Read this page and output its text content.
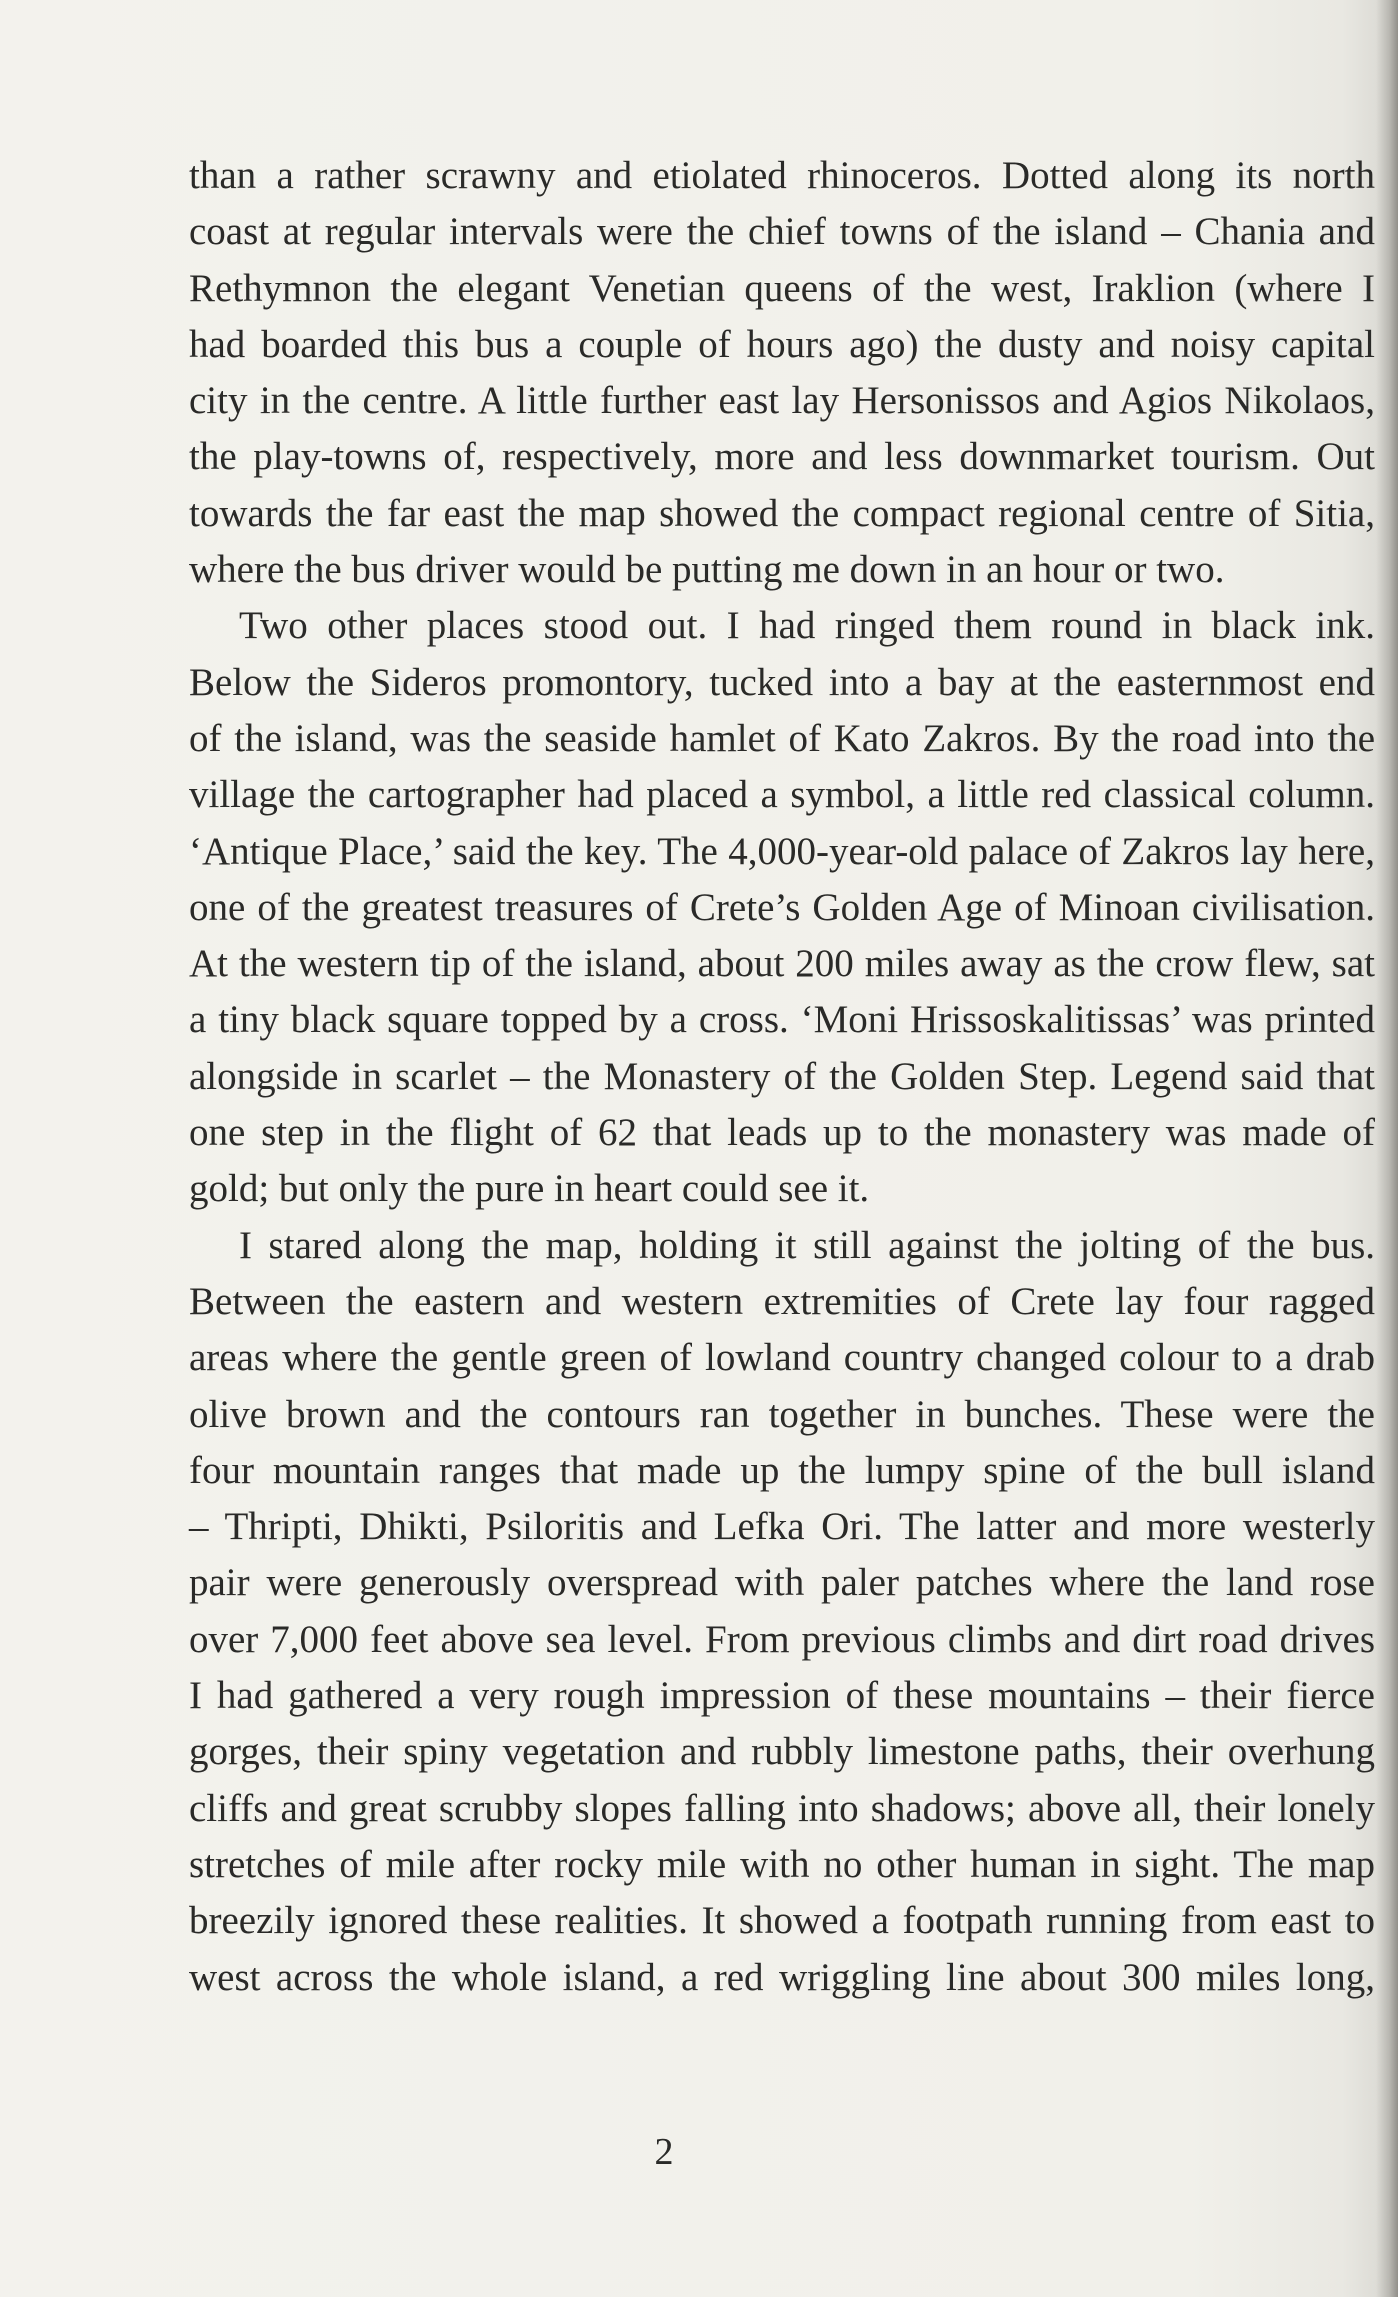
than a rather scrawny and etiolated rhinoceros. Dotted along its north
coast at regular intervals were the chief towns of the island – Chania and
Rethymnon the elegant Venetian queens of the west, Iraklion (where I
had boarded this bus a couple of hours ago) the dusty and noisy capital
city in the centre. A little further east lay Hersonissos and Agios Nikolaos,
the play-towns of, respectively, more and less downmarket tourism. Out
towards the far east the map showed the compact regional centre of Sitia,
where the bus driver would be putting me down in an hour or two.
Two other places stood out. I had ringed them round in black ink.
Below the Sideros promontory, tucked into a bay at the easternmost end
of the island, was the seaside hamlet of Kato Zakros. By the road into the
village the cartographer had placed a symbol, a little red classical column.
‘Antique Place,’ said the key. The 4,000-year-old palace of Zakros lay here,
one of the greatest treasures of Crete’s Golden Age of Minoan civilisation.
At the western tip of the island, about 200 miles away as the crow flew, sat
a tiny black square topped by a cross. ‘Moni Hrissoskalitissas’ was printed
alongside in scarlet – the Monastery of the Golden Step. Legend said that
one step in the flight of 62 that leads up to the monastery was made of
gold; but only the pure in heart could see it.
I stared along the map, holding it still against the jolting of the bus.
Between the eastern and western extremities of Crete lay four ragged
areas where the gentle green of lowland country changed colour to a drab
olive brown and the contours ran together in bunches. These were the
four mountain ranges that made up the lumpy spine of the bull island
– Thripti, Dhikti, Psiloritis and Lefka Ori. The latter and more westerly
pair were generously overspread with paler patches where the land rose
over 7,000 feet above sea level. From previous climbs and dirt road drives
I had gathered a very rough impression of these mountains – their fierce
gorges, their spiny vegetation and rubbly limestone paths, their overhung
cliffs and great scrubby slopes falling into shadows; above all, their lonely
stretches of mile after rocky mile with no other human in sight. The map
breezily ignored these realities. It showed a footpath running from east to
west across the whole island, a red wriggling line about 300 miles long,
2
